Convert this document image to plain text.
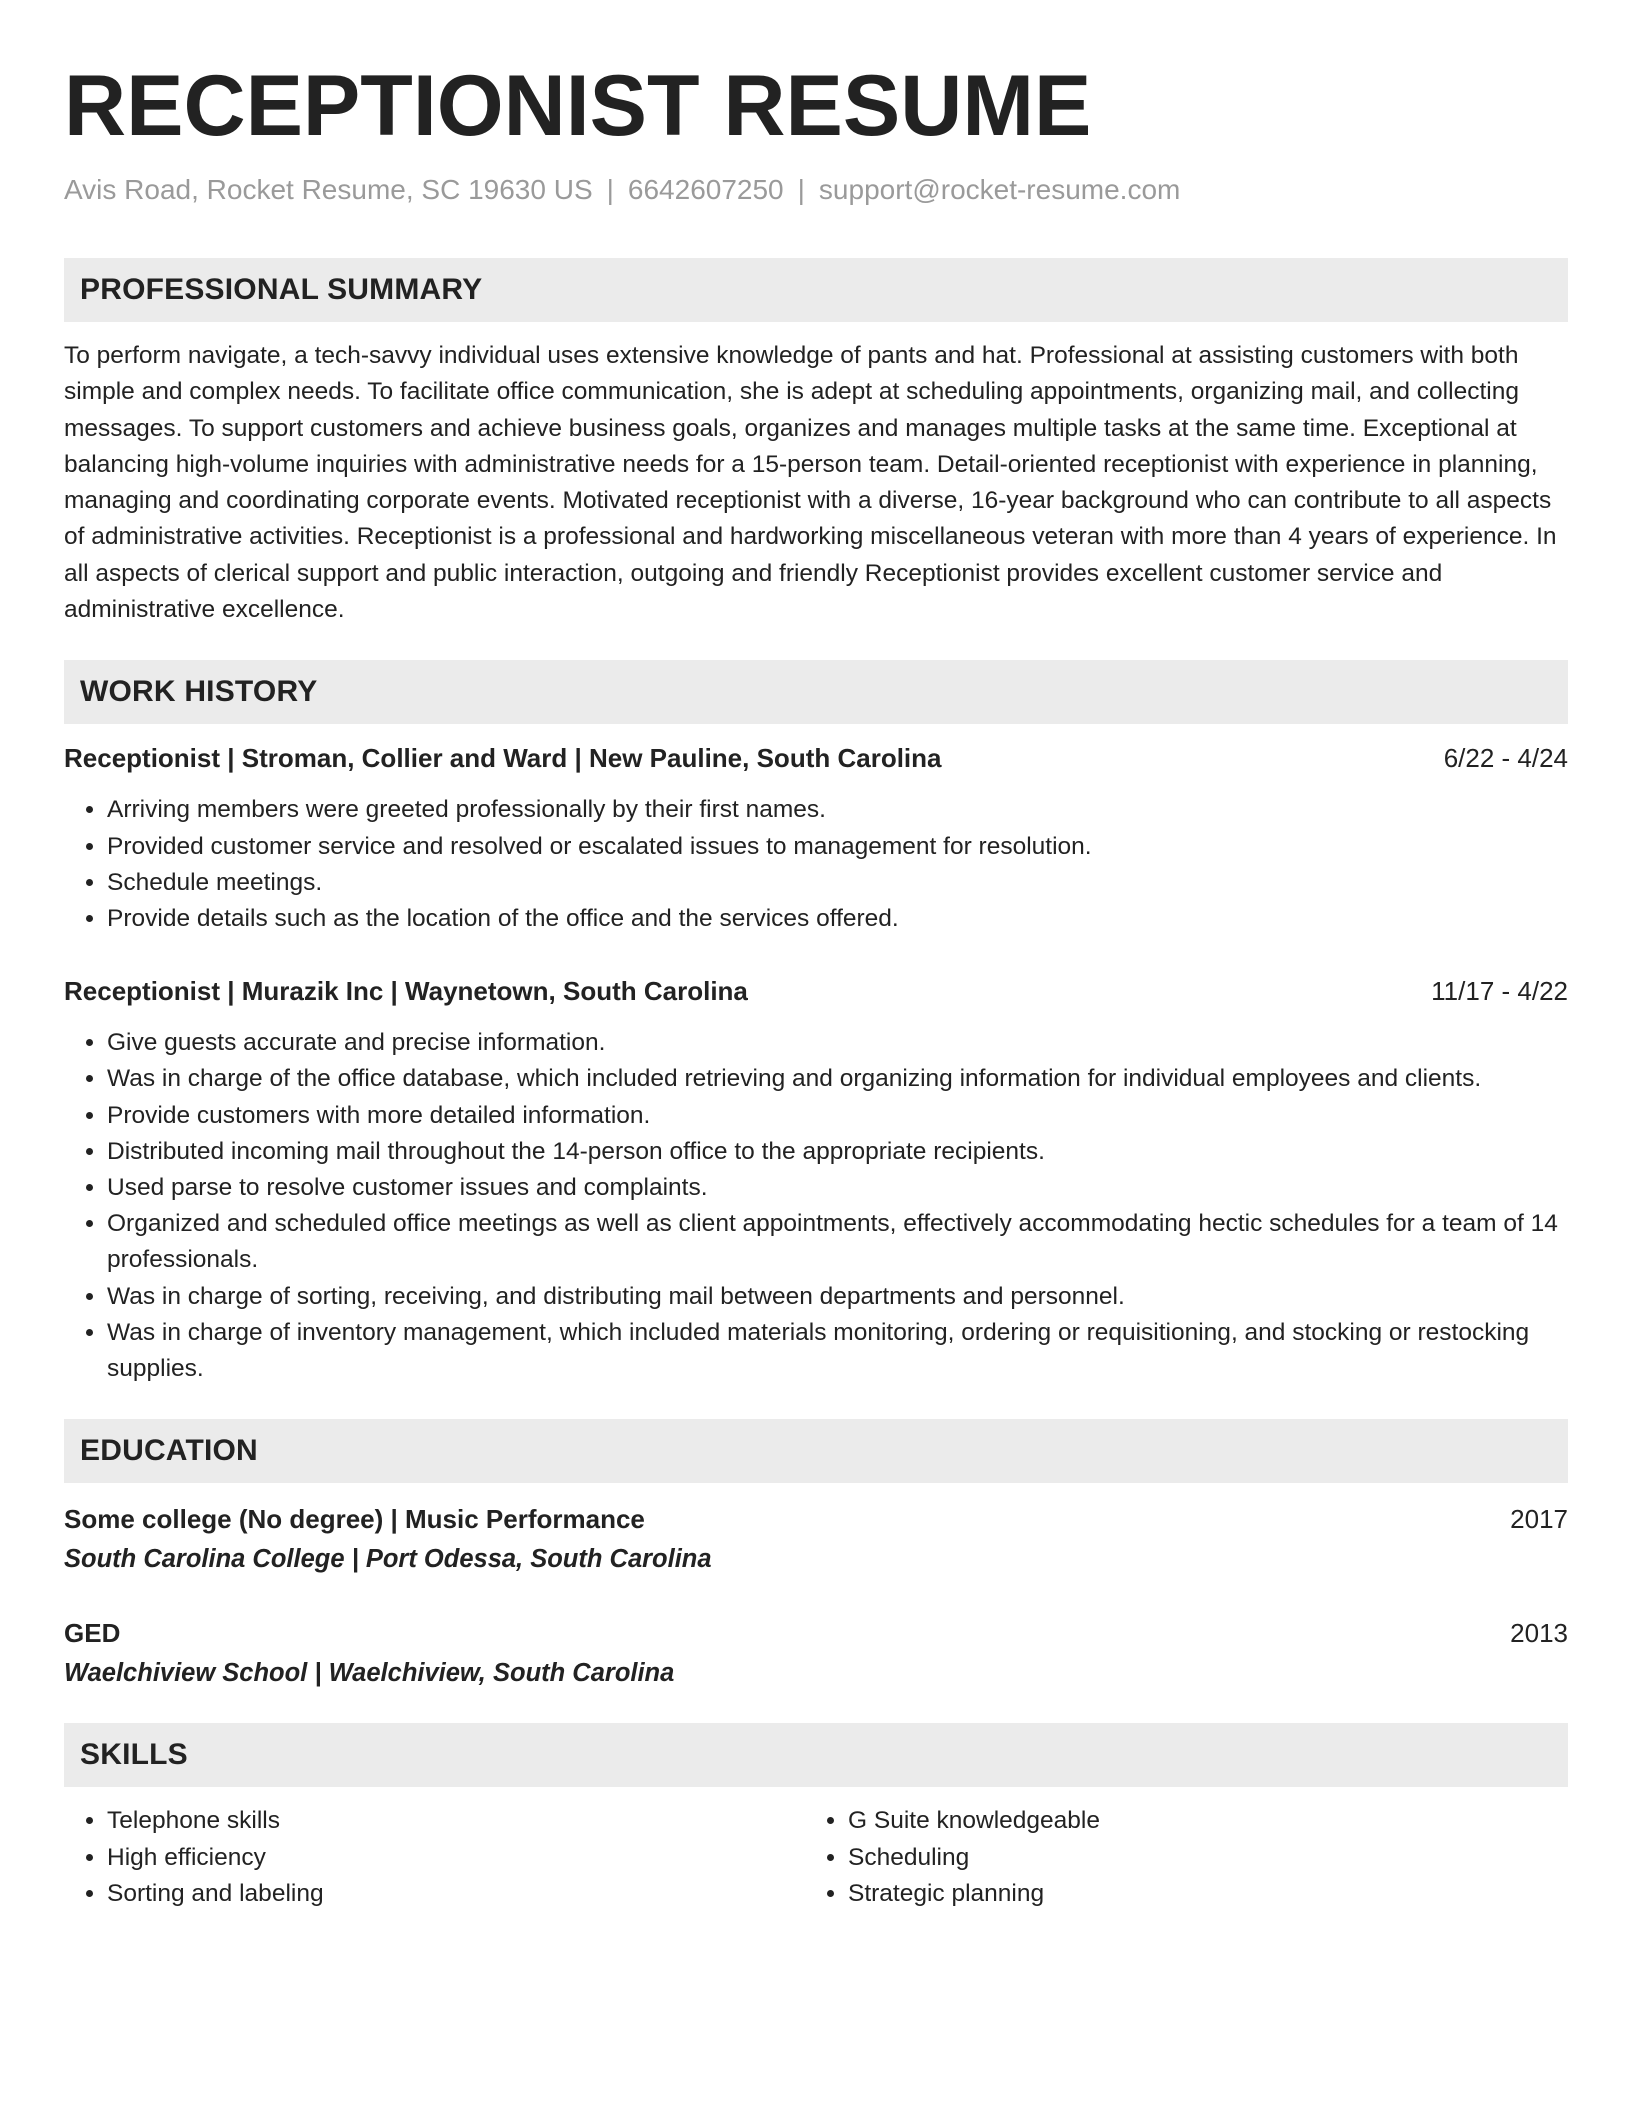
RECEPTIONIST RESUME
Avis Road, Rocket Resume, SC 19630 US | 6642607250 | support@rocket-resume.com
PROFESSIONAL SUMMARY

To perform navigate, a tech-savvy individual uses extensive knowledge of pants and hat. Professional at assisting customers with both simple and complex needs. To facilitate office communication, she is adept at scheduling appointments, organizing mail, and collecting messages. To support customers and achieve business goals, organizes and manages multiple tasks at the same time. Exceptional at balancing high-volume inquiries with administrative needs for a 15-person team. Detail-oriented receptionist with experience in planning, managing and coordinating corporate events. Motivated receptionist with a diverse, 16-year background who can contribute to all aspects of administrative activities. Receptionist is a professional and hardworking miscellaneous veteran with more than 4 years of experience. In all aspects of clerical support and public interaction, outgoing and friendly Receptionist provides excellent customer service and administrative excellence.

WORK HISTORY
Receptionist | Stroman, Collier and Ward | New Pauline, South Carolina	6/22 - 4/24
• Arriving members were greeted professionally by their first names.
• Provided customer service and resolved or escalated issues to management for resolution.
• Schedule meetings.
• Provide details such as the location of the office and the services offered.
Receptionist | Murazik Inc | Waynetown, South Carolina	11/17 - 4/22
• Give guests accurate and precise information.
• Was in charge of the office database, which included retrieving and organizing information for individual employees and clients.
• Provide customers with more detailed information.
• Distributed incoming mail throughout the 14-person office to the appropriate recipients.
• Used parse to resolve customer issues and complaints.
• Organized and scheduled office meetings as well as client appointments, effectively accommodating hectic schedules for a team of 14 professionals.
• Was in charge of sorting, receiving, and distributing mail between departments and personnel.
• Was in charge of inventory management, which included materials monitoring, ordering or requisitioning, and stocking or restocking supplies.
EDUCATION
Some college (No degree) | Music Performance	2017
South Carolina College | Port Odessa, South Carolina
GED	2013
Waelchiview School | Waelchiview, South Carolina
SKILLS
• Telephone skills
• High efficiency
• Sorting and labeling
• G Suite knowledgeable
• Scheduling
• Strategic planning
